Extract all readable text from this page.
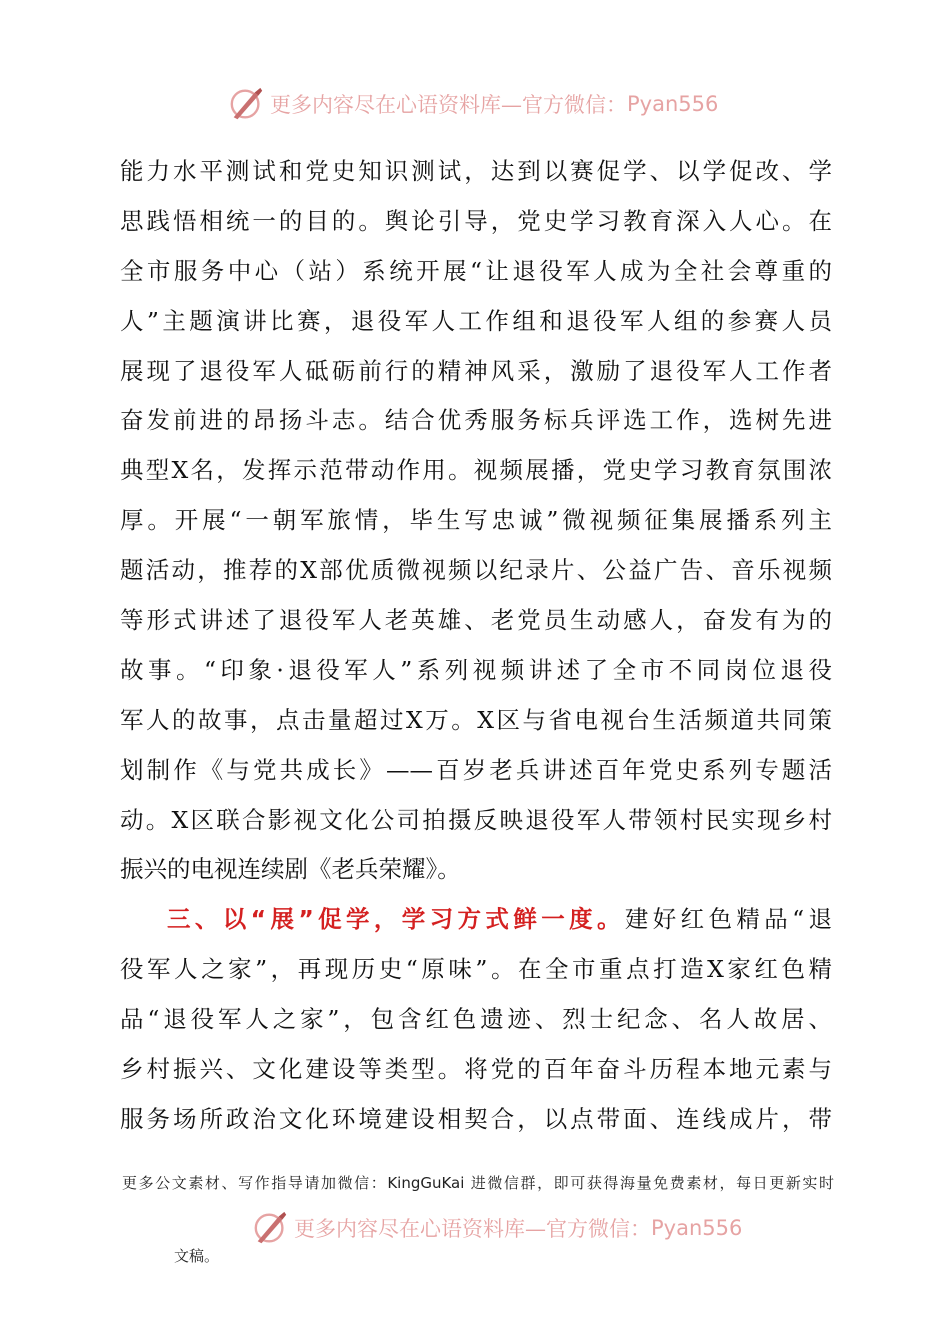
更多内容尽在心语资料库—官方微信： Pyan556
能力水平测试和党史知识测试，达到以赛促学、以学促改、学
思践悟相统一的目的。舆论引导，党史学习教育深入人心。在
全市服务中心（站）系统开展“让退役军人成为全社会尊重的
人”主题演讲比赛，退役军人工作组和退役军人组的参赛人员
展现了退役军人砥砺前行的精神风采，激励了退役军人工作者
奋发前进的昂扬斗志。结合优秀服务标兵评选工作，选树先进
典型X名，发挥示范带动作用。视频展播，党史学习教育氛围浓
厚。开展“一朝军旅情，毕生写忠诚”微视频征集展播系列主
题活动，推荐的X部优质微视频以纪录片、公益广告、音乐视频
等形式讲述了退役军人老英雄、老党员生动感人，奋发有为的
故事。“印象·退役军人”系列视频讲述了全市不同岗位退役
军人的故事，点击量超过X万。X区与省电视台生活频道共同策
划制作《与党共成长》——百岁老兵讲述百年党史系列专题活
动。X区联合影视文化公司拍摄反映退役军人带领村民实现乡村
振兴的电视连续剧《老兵荣耀》。
三、以“展”促学，学习方式鲜一度。建好红色精品“退
役军人之家”，再现历史“原味”。在全市重点打造X家红色精
品“退役军人之家”，包含红色遗迹、烈士纪念、名人故居、
乡村振兴、文化建设等类型。将党的百年奋斗历程本地元素与
服务场所政治文化环境建设相契合，以点带面、连线成片，带
更多公文素材、写作指导请加微信：KingGuKai 进微信群，即可获得海量免费素材，每日更新实时
更多内容尽在心语资料库—官方微信： Pyan556
文稿。
